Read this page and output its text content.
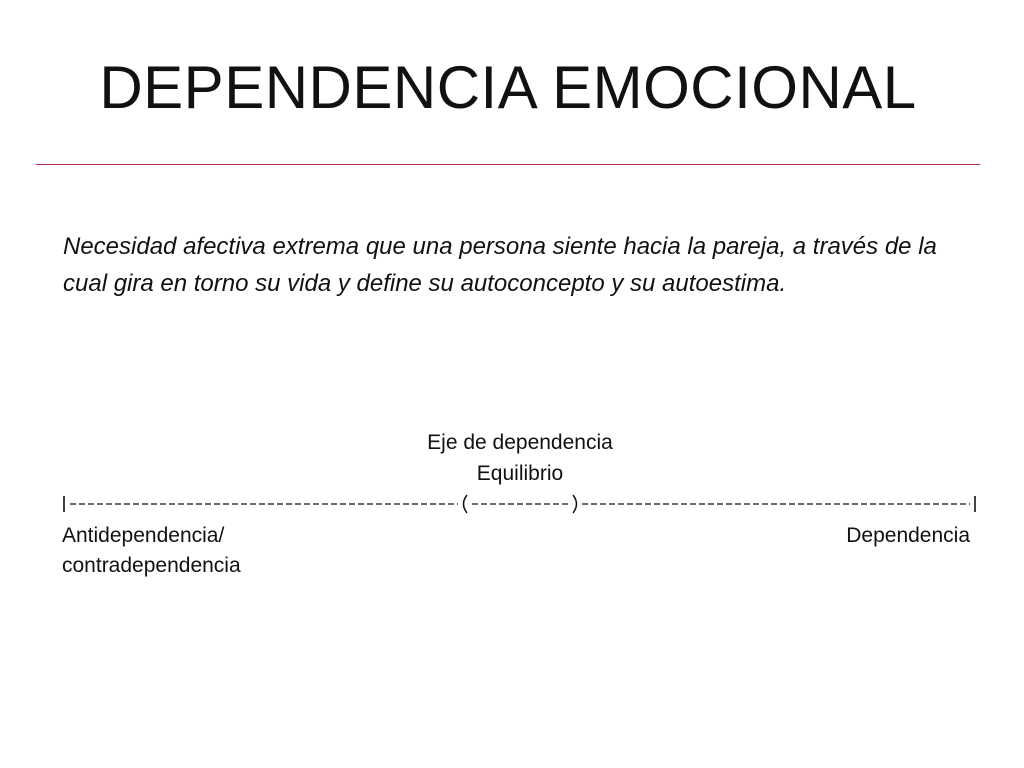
DEPENDENCIA EMOCIONAL

Necesidad afectiva extrema que una persona siente hacia la pareja, a través de la cual gira en torno su vida y define su autoconcepto y su autoestima.

Eje de dependencia
Equilibrio
Antidependencia/
contradependencia
Dependencia
